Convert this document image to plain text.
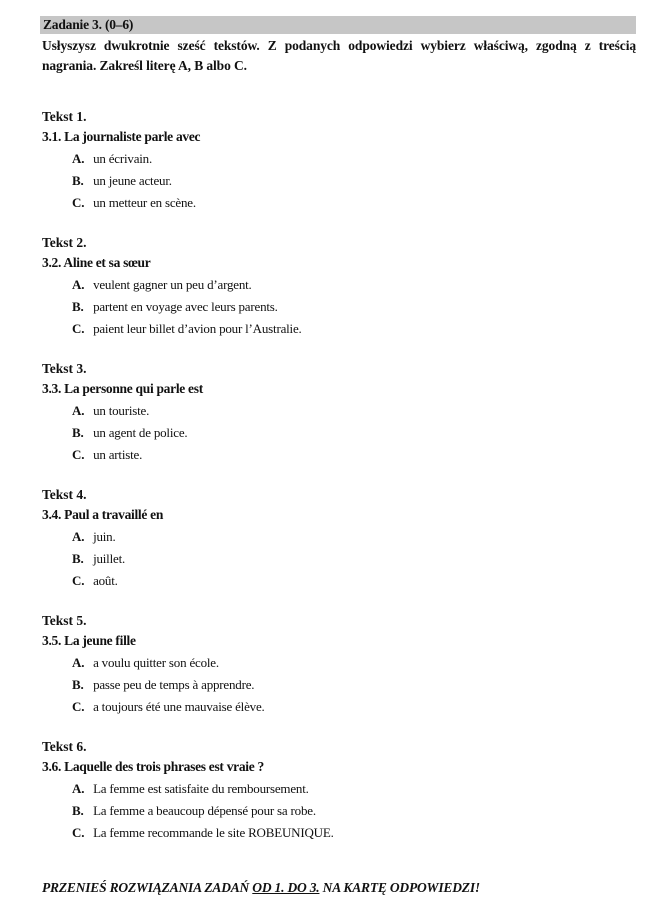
Zadanie 3. (0–6)
Usłyszysz dwukrotnie sześć tekstów. Z podanych odpowiedzi wybierz właściwą, zgodną z treścią nagrania. Zakreśl literę A, B albo C.
Tekst 1.
3.1. La journaliste parle avec
A. un écrivain.
B. un jeune acteur.
C. un metteur en scène.
Tekst 2.
3.2. Aline et sa sœur
A. veulent gagner un peu d’argent.
B. partent en voyage avec leurs parents.
C. paient leur billet d’avion pour l’Australie.
Tekst 3.
3.3. La personne qui parle est
A. un touriste.
B. un agent de police.
C. un artiste.
Tekst 4.
3.4. Paul a travaillé en
A. juin.
B. juillet.
C. août.
Tekst 5.
3.5. La jeune fille
A. a voulu quitter son école.
B. passe peu de temps à apprendre.
C. a toujours été une mauvaise élève.
Tekst 6.
3.6. Laquelle des trois phrases est vraie ?
A. La femme est satisfaite du remboursement.
B. La femme a beaucoup dépensé pour sa robe.
C. La femme recommande le site ROBEUNIQUE.
PRZENIEŚ ROZWIĄZANIA ZADAŃ OD 1. DO 3. NA KARTĘ ODPOWIEDZI!
